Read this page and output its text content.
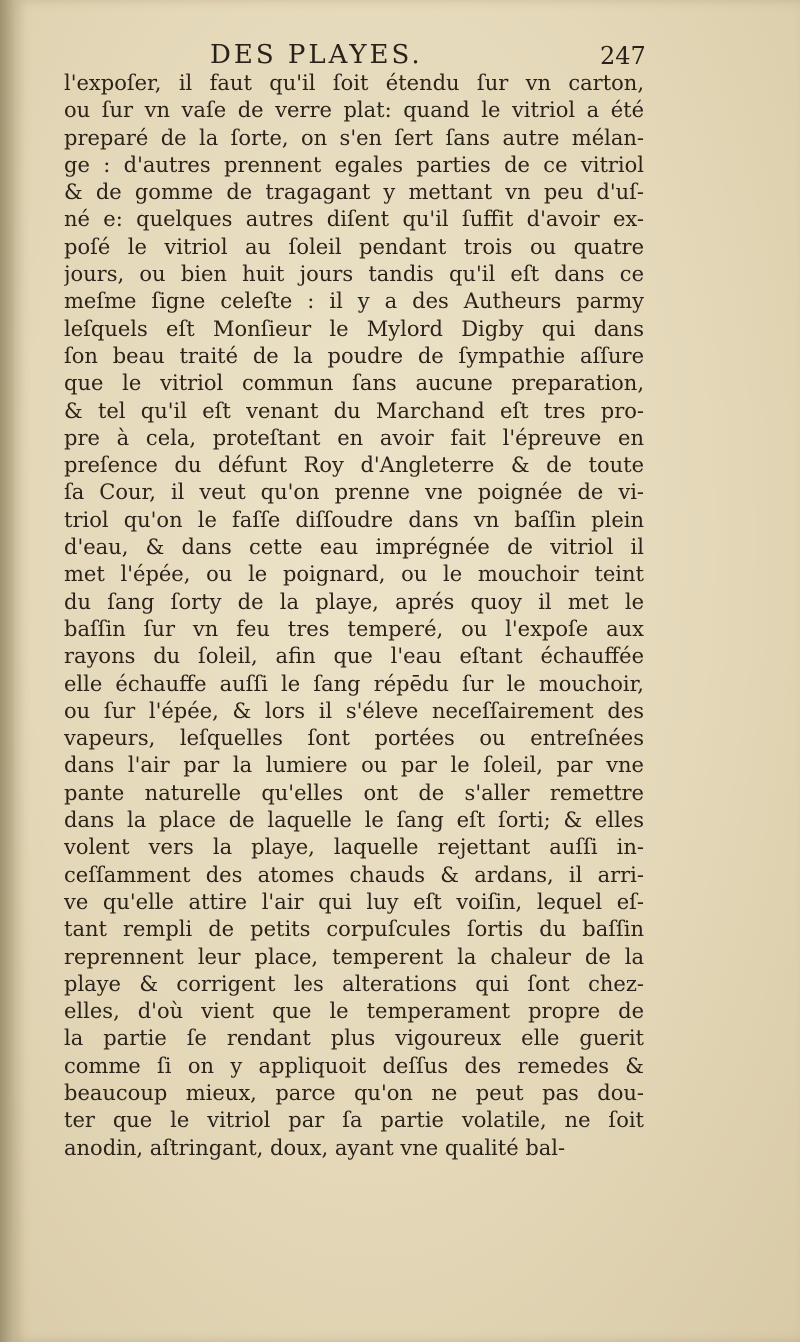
DES PLAYES.	247
l'expoſer, il faut qu'il ſoit étendu ſur vn carton,
ou ſur vn vaſe de verre plat: quand le vitriol a été
preparé de la ſorte, on s'en ſert ſans autre mélan-
ge : d'autres prennent egales parties de ce vitriol
& de gomme de tragagant y mettant vn peu d'uſ-
né e: quelques autres diſent qu'il ſuffit d'avoir ex-
poſé le vitriol au ſoleil pendant trois ou quatre
jours, ou bien huit jours tandis qu'il eſt dans ce
meſme ſigne celeſte : il y a des Autheurs parmy
leſquels eſt Monſieur le Mylord Digby qui dans
ſon beau traité de la poudre de ſympathie aſſure
que le vitriol commun ſans aucune preparation,
& tel qu'il eſt venant du Marchand eſt tres pro-
pre à cela, proteſtant en avoir fait l'épreuve en
preſence du défunt Roy d'Angleterre & de toute
ſa Cour, il veut qu'on prenne vne poignée de vi-
triol qu'on le faſſe diſſoudre dans vn baſſin plein
d'eau, & dans cette eau imprégnée de vitriol il
met l'épée, ou le poignard, ou le mouchoir teint
du ſang ſorty de la playe, aprés quoy il met le
baſſin ſur vn feu tres temperé, ou l'expoſe aux
rayons du ſoleil, afin que l'eau eſtant échauffée
elle échauffe auſſi le ſang répēdu ſur le mouchoir,
ou ſur l'épée, & lors il s'éleve neceſſairement des
vapeurs, leſquelles ſont portées ou entreſnées
dans l'air par la lumiere ou par le ſoleil, par vne
pante naturelle qu'elles ont de s'aller remettre
dans la place de laquelle le ſang eſt ſorti; & elles
volent vers la playe, laquelle rejettant auſſi in-
ceſſamment des atomes chauds & ardans, il arri-
ve qu'elle attire l'air qui luy eſt voiſin, lequel eſ-
tant rempli de petits corpuſcules ſortis du baſſin
reprennent leur place, temperent la chaleur de la
playe & corrigent les alterations qui ſont chez-
elles, d'où vient que le temperament propre de
la partie ſe rendant plus vigoureux elle guerit
comme ſi on y appliquoit deſſus des remedes &
beaucoup mieux, parce qu'on ne peut pas dou-
ter que le vitriol par ſa partie volatile, ne ſoit
anodin, aſtringant, doux, ayant vne qualité bal-
